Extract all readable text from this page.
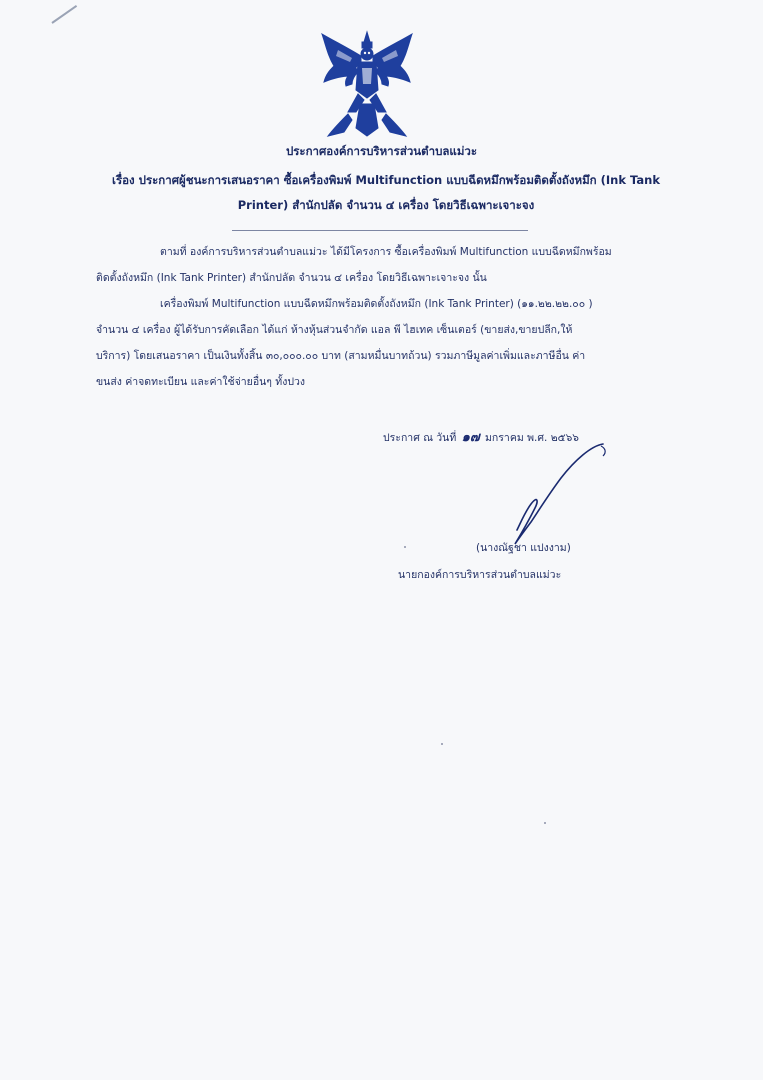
ประกาศองค์การบริหารส่วนตำบลแม่วะ
เรื่อง ประกาศผู้ชนะการเสนอราคา ซื้อเครื่องพิมพ์ Multifunction แบบฉีดหมึกพร้อมติดตั้งถังหมึก (Ink Tank
Printer) สำนักปลัด จำนวน ๔ เครื่อง โดยวิธีเฉพาะเจาะจง
ตามที่ องค์การบริหารส่วนตำบลแม่วะ ได้มีโครงการ ซื้อเครื่องพิมพ์ Multifunction แบบฉีดหมึกพร้อม
ติดตั้งถังหมึก (Ink Tank Printer) สำนักปลัด จำนวน ๔ เครื่อง โดยวิธีเฉพาะเจาะจง นั้น
เครื่องพิมพ์ Multifunction แบบฉีดหมึกพร้อมติดตั้งถังหมึก (Ink Tank Printer) (๑๑.๒๒.๒๒.๐๐ )
จำนวน ๔ เครื่อง ผู้ได้รับการคัดเลือก ได้แก่ ห้างหุ้นส่วนจำกัด แอล พี ไฮเทค เซ็นเตอร์ (ขายส่ง,ขายปลีก,ให้
บริการ) โดยเสนอราคา เป็นเงินทั้งสิ้น ๓๐,๐๐๐.๐๐ บาท (สามหมื่นบาทถ้วน) รวมภาษีมูลค่าเพิ่มและภาษีอื่น ค่า
ขนส่ง ค่าจดทะเบียน และค่าใช้จ่ายอื่นๆ ทั้งปวง
ประกาศ ณ วันที่ ๑๗ มกราคม พ.ศ. ๒๕๖๖
(นางณัฐชา แปงงาม)
นายกองค์การบริหารส่วนตำบลแม่วะ
